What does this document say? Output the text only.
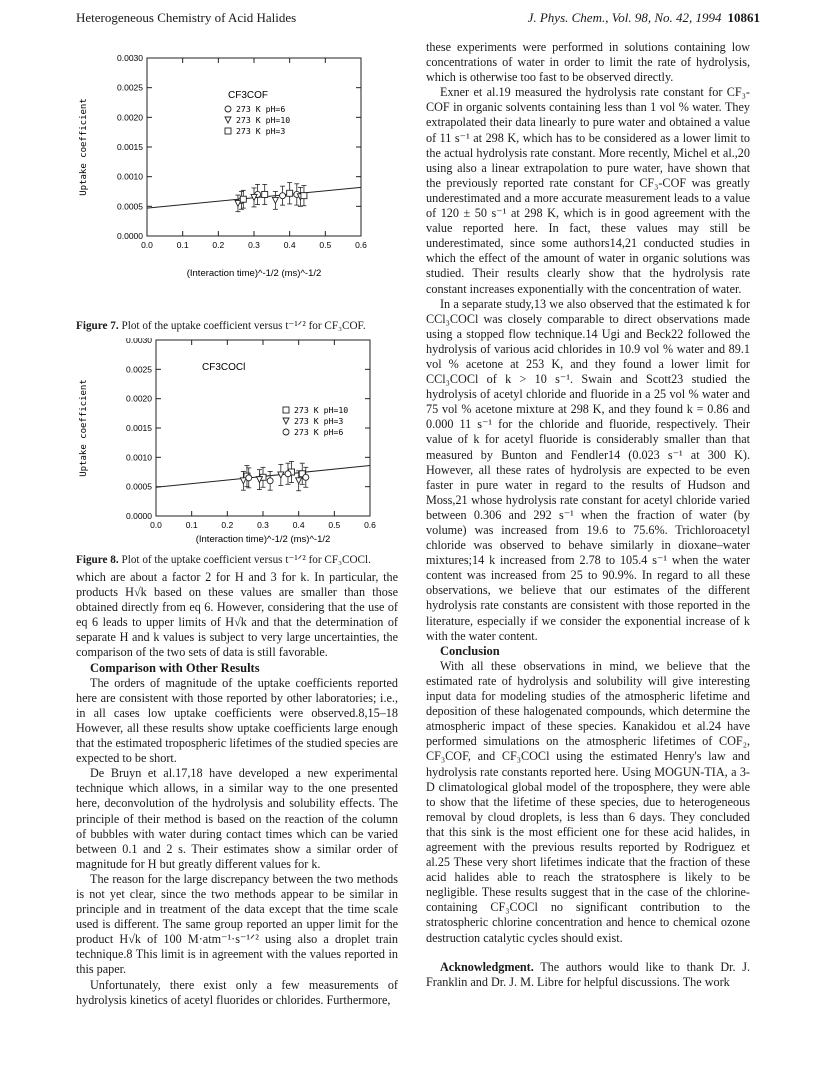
Heterogeneous Chemistry of Acid Halides	J. Phys. Chem., Vol. 98, No. 42, 1994 10861
0.0	0.1	0.2	0.3	0.4	0.5	0.6
0.0000
0.0005
0.0010
0.0015
0.0020
0.0025
0.0030
CF3COF
Uptake coefficient
(Interaction time)^-1/2 (ms)^-1/2
273 K pH=6
273 K pH=10
273 K pH=3
Figure 7. Plot of the uptake coefficient versus t⁻¹ᐟ² for CF₃COF.
0.0	0.1	0.2	0.3	0.4	0.5	0.6
0.0000
0.0005
0.0010
0.0015
0.0020
0.0025
0.0030
CF3COCl
Uptake coefficient
(Interaction time)^-1/2 (ms)^-1/2
273 K pH=10
273 K pH=3
273 K pH=6
Figure 8. Plot of the uptake coefficient versus t⁻¹ᐟ² for CF₃COCl.

which are about a factor 2 for H and 3 for k. In particular, the products H√k based on these values are smaller than those obtained directly from eq 6. However, considering that the use of eq 6 leads to upper limits of H√k and that the determination of separate H and k values is subject to very large uncertainties, the comparison of the two sets of data is still favorable.

Comparison with Other Results

The orders of magnitude of the uptake coefficients reported here are consistent with those reported by other laboratories; i.e., in all cases low uptake coefficients were observed.8,15–18 However, all these results show uptake coefficients large enough that the estimated tropospheric lifetimes of the studied species are expected to be short.

De Bruyn et al.17,18 have developed a new experimental technique which allows, in a similar way to the one presented here, deconvolution of the hydrolysis and solubility effects. The principle of their method is based on the reaction of the column of bubbles with water during contact times which can be varied between 0.1 and 2 s. Their estimates show a similar order of magnitude for H but greatly different values for k.

The reason for the large discrepancy between the two methods is not yet clear, since the two methods appear to be similar in principle and in treatment of the data except that the time scale used is different. The same group reported an upper limit for the product H√k of 100 M·atm⁻¹·s⁻¹ᐟ² using also a droplet train technique.8 This limit is in agreement with the values reported in this paper.

Unfortunately, there exist only a few measurements of hydrolysis kinetics of acetyl fluorides or chlorides. Furthermore,

these experiments were performed in solutions containing low concentrations of water in order to limit the rate of hydrolysis, which is otherwise too fast to be observed directly.

Exner et al.19 measured the hydrolysis rate constant for CF₃-COF in organic solvents containing less than 1 vol % water. They extrapolated their data linearly to pure water and obtained a value of 11 s⁻¹ at 298 K, which has to be considered as a lower limit to the actual hydrolysis rate constant. More recently, Michel et al.,20 using also a linear extrapolation to pure water, have shown that the previously reported rate constant for CF₃-COF was greatly underestimated and a more accurate measurement leads to a value of 120 ± 50 s⁻¹ at 298 K, which is in good agreement with the value reported here. In fact, these values may still be underestimated, since some authors14,21 conducted studies in which the effect of the amount of water in organic solutions was studied. Their results clearly show that the hydrolysis rate constant increases exponentially with the concentration of water.

In a separate study,13 we also observed that the estimated k for CCl₃COCl was closely comparable to direct observations made using a stopped flow technique.14 Ugi and Beck22 followed the hydrolysis of various acid chlorides in 10.9 vol % water and 89.1 vol % acetone at 253 K, and they found a lower limit for CCl₃COCl of k > 10 s⁻¹. Swain and Scott23 studied the hydrolysis of acetyl chloride and fluoride in a 25 vol % water and 75 vol % acetone mixture at 298 K, and they found k = 0.86 and 0.000 11 s⁻¹ for the chloride and fluoride, respectively. Their value of k for acetyl fluoride is considerably smaller than that measured by Bunton and Fendler14 (0.023 s⁻¹ at 300 K). However, all these rates of hydrolysis are expected to be even faster in pure water in regard to the results of Hudson and Moss,21 whose hydrolysis rate constant for acetyl chloride varied between 0.306 and 292 s⁻¹ when the fraction of water (by volume) was increased from 19.6 to 75.6%. Trichloroacetyl chloride was observed to behave similarly in dioxane–water mixtures;14 k increased from 2.78 to 105.4 s⁻¹ when the water content was increased from 25 to 90.9%. In regard to all these observations, we believe that our estimates of the different hydrolysis rate constants are consistent with those reported in the literature, especially if we consider the exponential increase of k with the water content.

Conclusion

With all these observations in mind, we believe that the estimated rate of hydrolysis and solubility will give interesting input data for modeling studies of the atmospheric lifetime and deposition of these halogenated compounds, which determine the atmospheric impact of these species. Kanakidou et al.24 have performed simulations on the atmospheric lifetimes of COF₂, CF₃COF, and CF₃COCl using the estimated Henry's law and hydrolysis rate constants reported here. Using MOGUN-TIA, a 3-D climatological global model of the troposphere, they were able to show that the lifetime of these species, due to heterogeneous removal by cloud droplets, is less than 6 days. They concluded that this sink is the most efficient one for these acid halides, in agreement with the previous results reported by Rodriguez et al.25 These very short lifetimes indicate that the fraction of these acid halides able to reach the stratosphere is likely to be negligible. These results suggest that in the case of the chlorine-containing CF₃COCl no significant contribution to the stratospheric chlorine concentration and hence to chemical ozone destruction catalytic cycles should exist.

Acknowledgment. The authors would like to thank Dr. J. Franklin and Dr. J. M. Libre for helpful discussions. The work
